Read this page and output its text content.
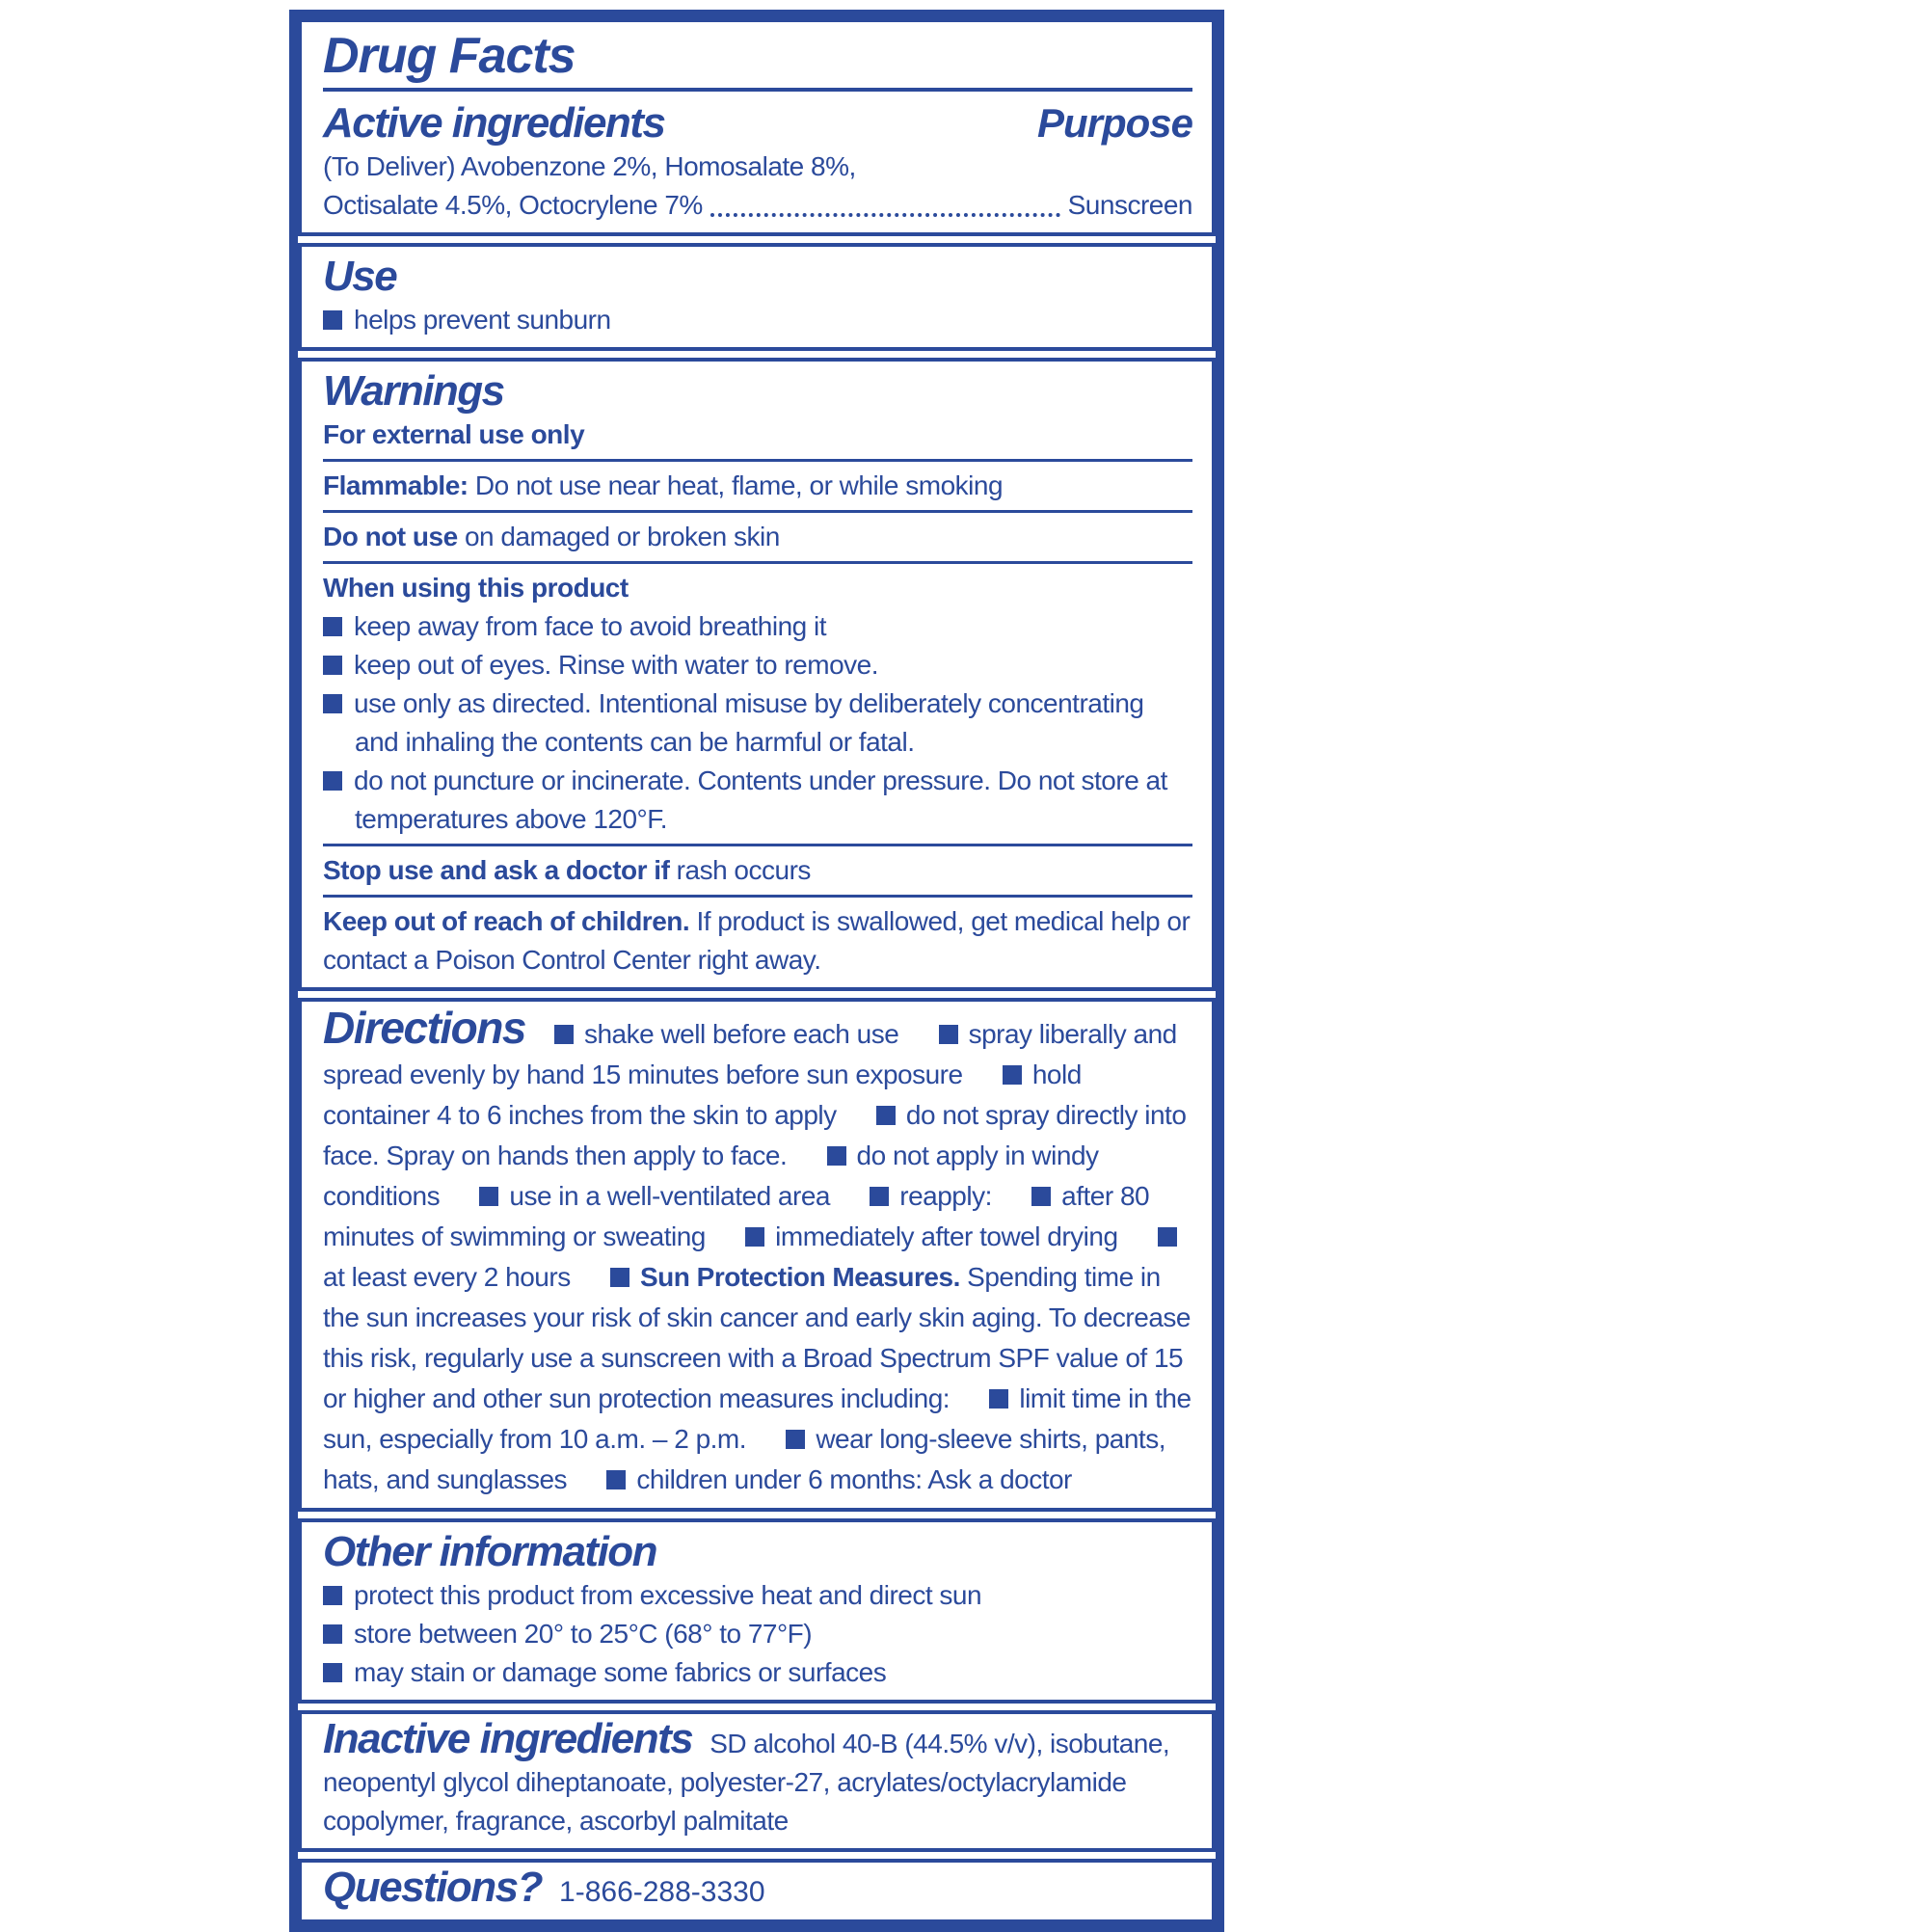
Drug Facts
Active ingredients	Purpose

(To Deliver) Avobenzone 2%, Homosalate 8%,

Octisalate 4.5%, Octocrylene 7%	Sunscreen
Use
helps prevent sunburn
Warnings

For external use only

Flammable: Do not use near heat, flame, or while smoking

Do not use on damaged or broken skin

When using this product

keep away from face to avoid breathing it
keep out of eyes. Rinse with water to remove.
use only as directed. Intentional misuse by deliberately concentrating and inhaling the contents can be harmful or fatal.
do not puncture or incinerate. Contents under pressure. Do not store at temperatures above 120°F.

Stop use and ask a doctor if rash occurs

Keep out of reach of children. If product is swallowed, get medical help or contact a Poison Control Center right away.

Directions shake well before each use	spray liberally and spread evenly by hand 15 minutes before sun exposure	hold container 4 to 6 inches from the skin to apply	do not spray directly into face. Spray on hands then apply to face.	do not apply in windy conditions	use in a well-ventilated area	reapply:	after 80 minutes of swimming or sweating	immediately after towel drying at least every 2 hours	Sun Protection Measures. Spending time in the sun increases your risk of skin cancer and early skin aging. To decrease this risk, regularly use a sunscreen with a Broad Spectrum SPF value of 15 or higher and other sun protection measures including:	limit time in the sun, especially from 10 a.m. – 2 p.m.	wear long-sleeve shirts, pants, hats, and sunglasses	children under 6 months: Ask a doctor

Other information
protect this product from excessive heat and direct sun
store between 20° to 25°C (68° to 77°F)
may stain or damage some fabrics or surfaces

Inactive ingredients SD alcohol 40-B (44.5% v/v), isobutane, neopentyl glycol diheptanoate, polyester-27, acrylates/octylacrylamide copolymer, fragrance, ascorbyl palmitate

Questions? 1-866-288-3330
